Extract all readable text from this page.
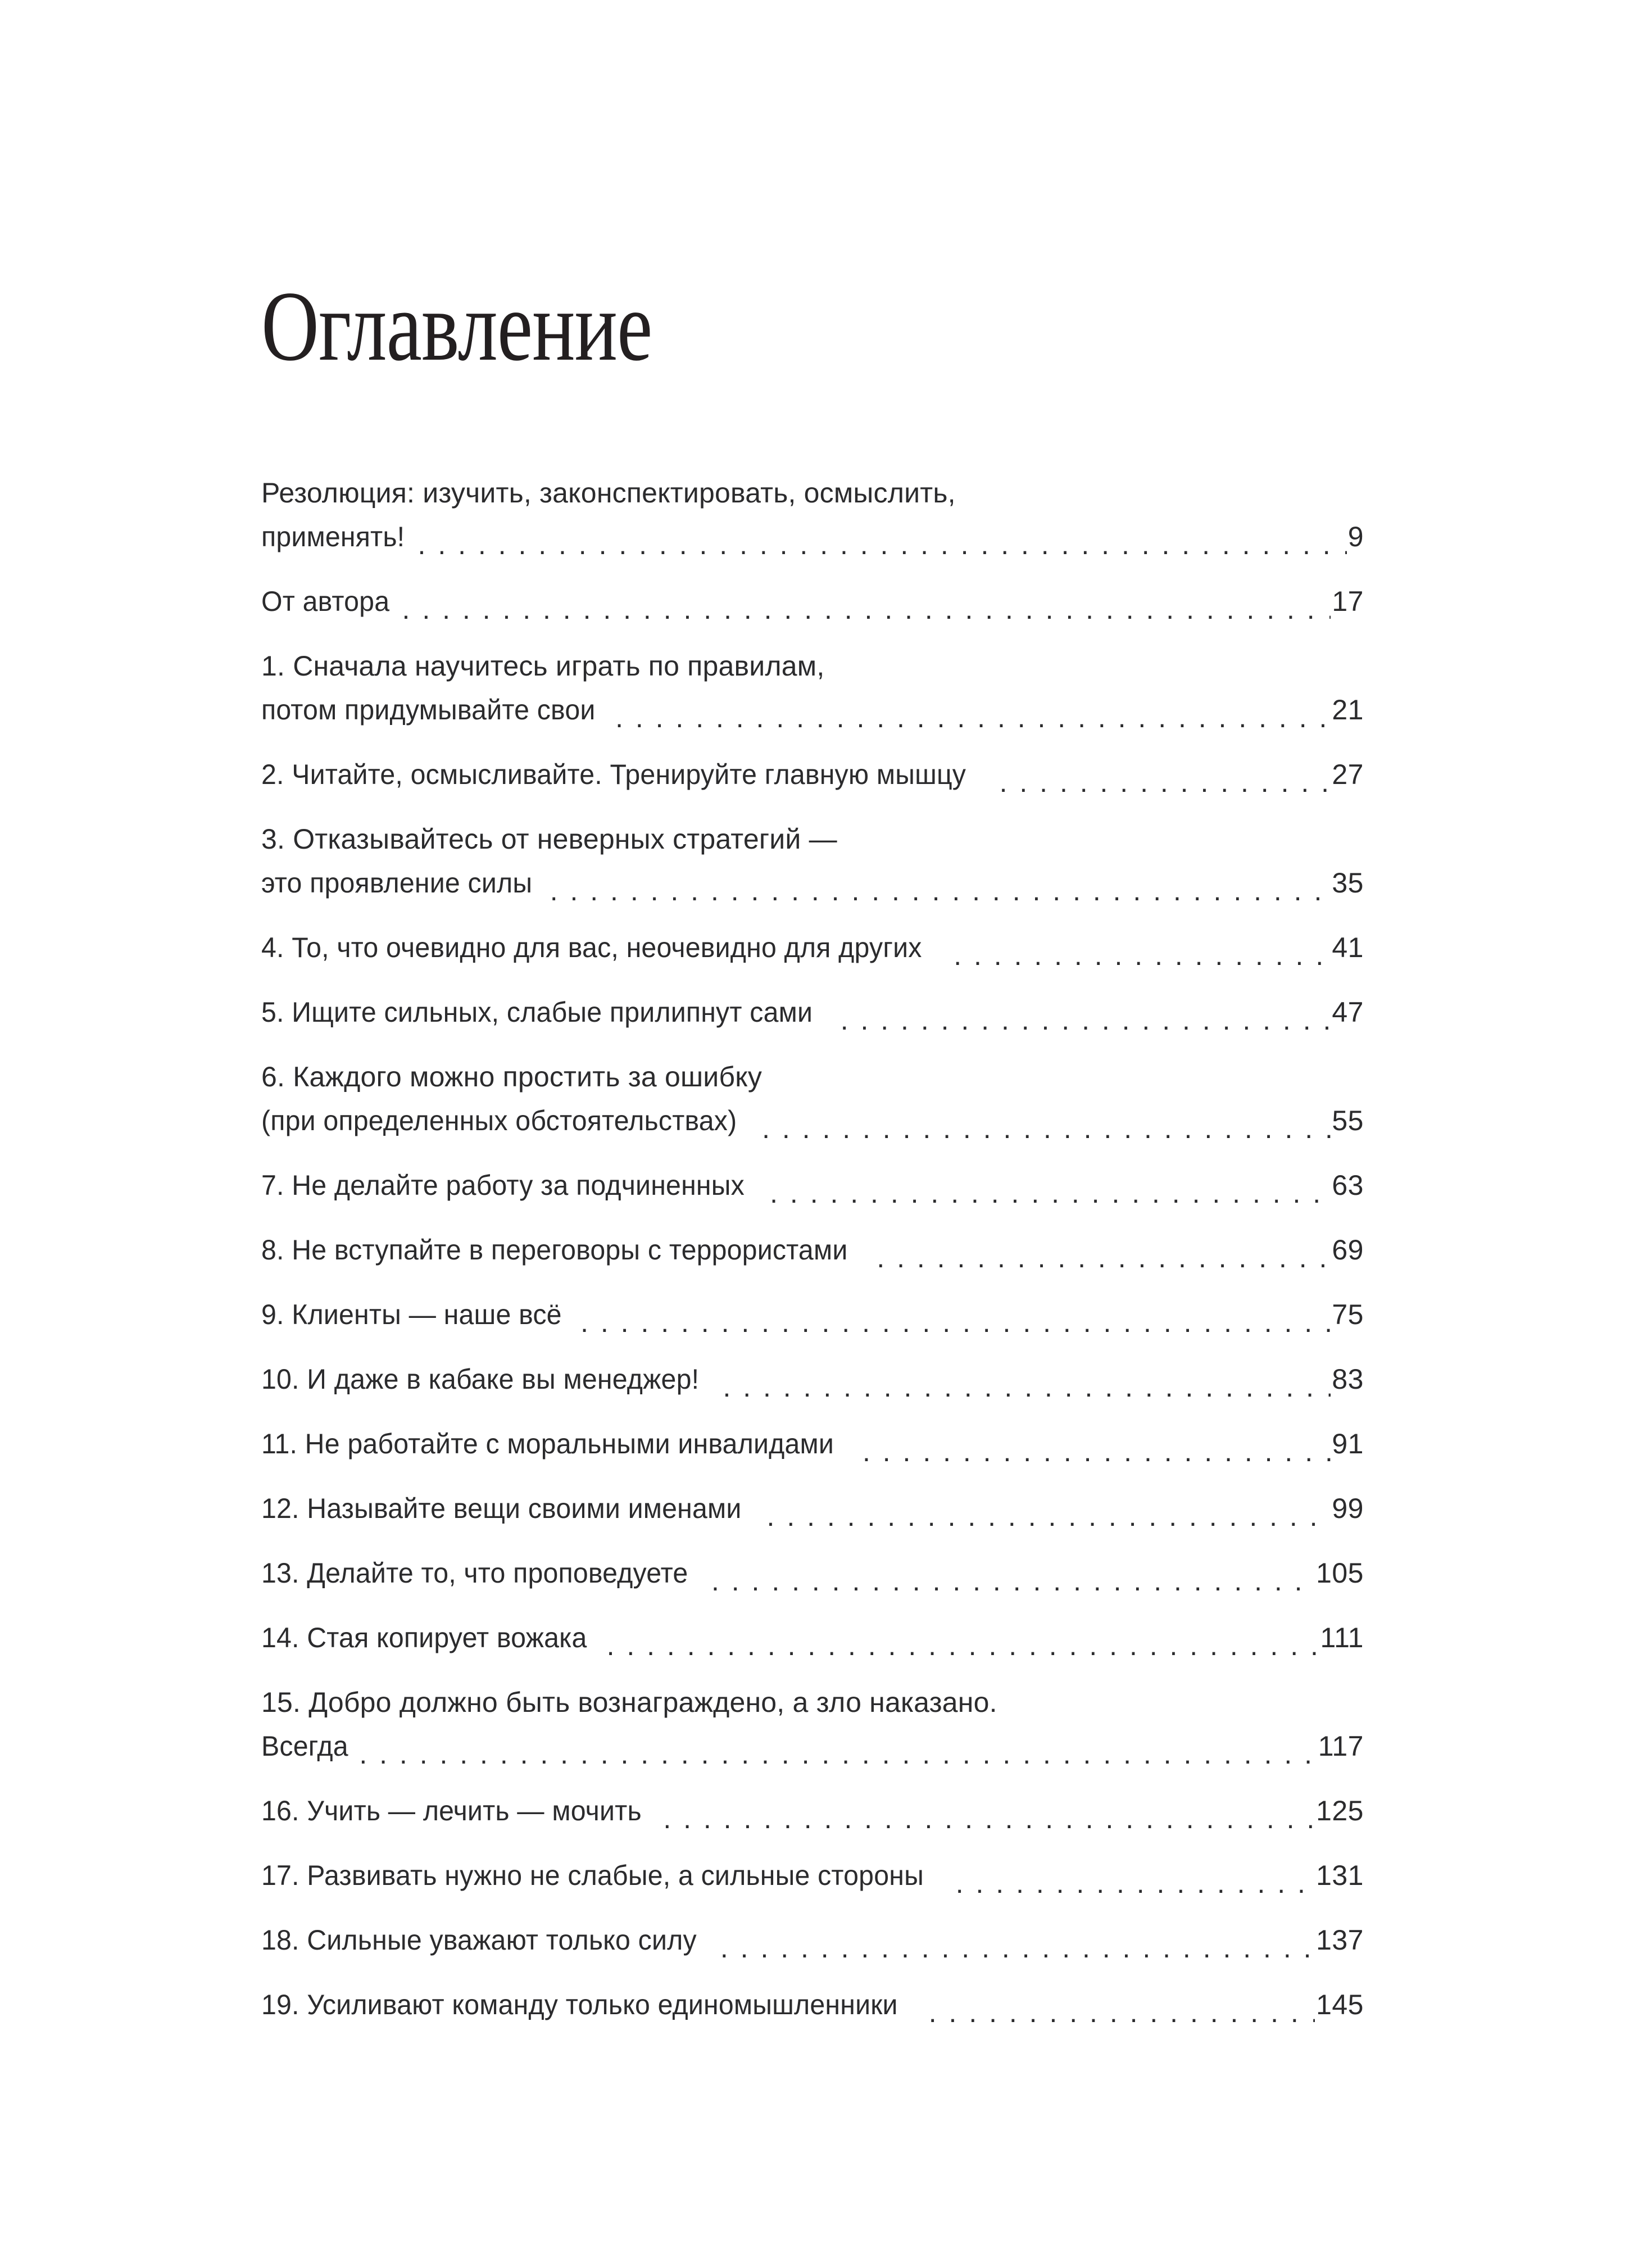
Оглавление
Резолюция: изучить, законспектировать, осмыслить,
применять! . . .	9
От автора . . .	17
1. Сначала научитесь играть по правилам,
потом придумывайте свои . . .	21
2. Читайте, осмысливайте. Тренируйте главную мышцу . . .	27
3. Отказывайтесь от неверных стратегий —
это проявление силы . . .	35
4. То, что очевидно для вас, неочевидно для других . . .	41
5. Ищите сильных, слабые прилипнут сами . . .	47
6. Каждого можно простить за ошибку
(при определенных обстоятельствах) . . .	55
7. Не делайте работу за подчиненных . . .	63
8. Не вступайте в переговоры с террористами . . .	69
9. Клиенты — наше всё . . .	75
10. И даже в кабаке вы менеджер! . . .	83
11. Не работайте с моральными инвалидами . . .	91
12. Называйте вещи своими именами . . .	99
13. Делайте то, что проповедуете . . .	105
14. Стая копирует вожака . . .	111
15. Добро должно быть вознаграждено, а зло наказано.
Всегда . . .	117
16. Учить — лечить — мочить . . .	125
17. Развивать нужно не слабые, а сильные стороны . . .	131
18. Сильные уважают только силу . . .	137
19. Усиливают команду только единомышленники . . .	145
